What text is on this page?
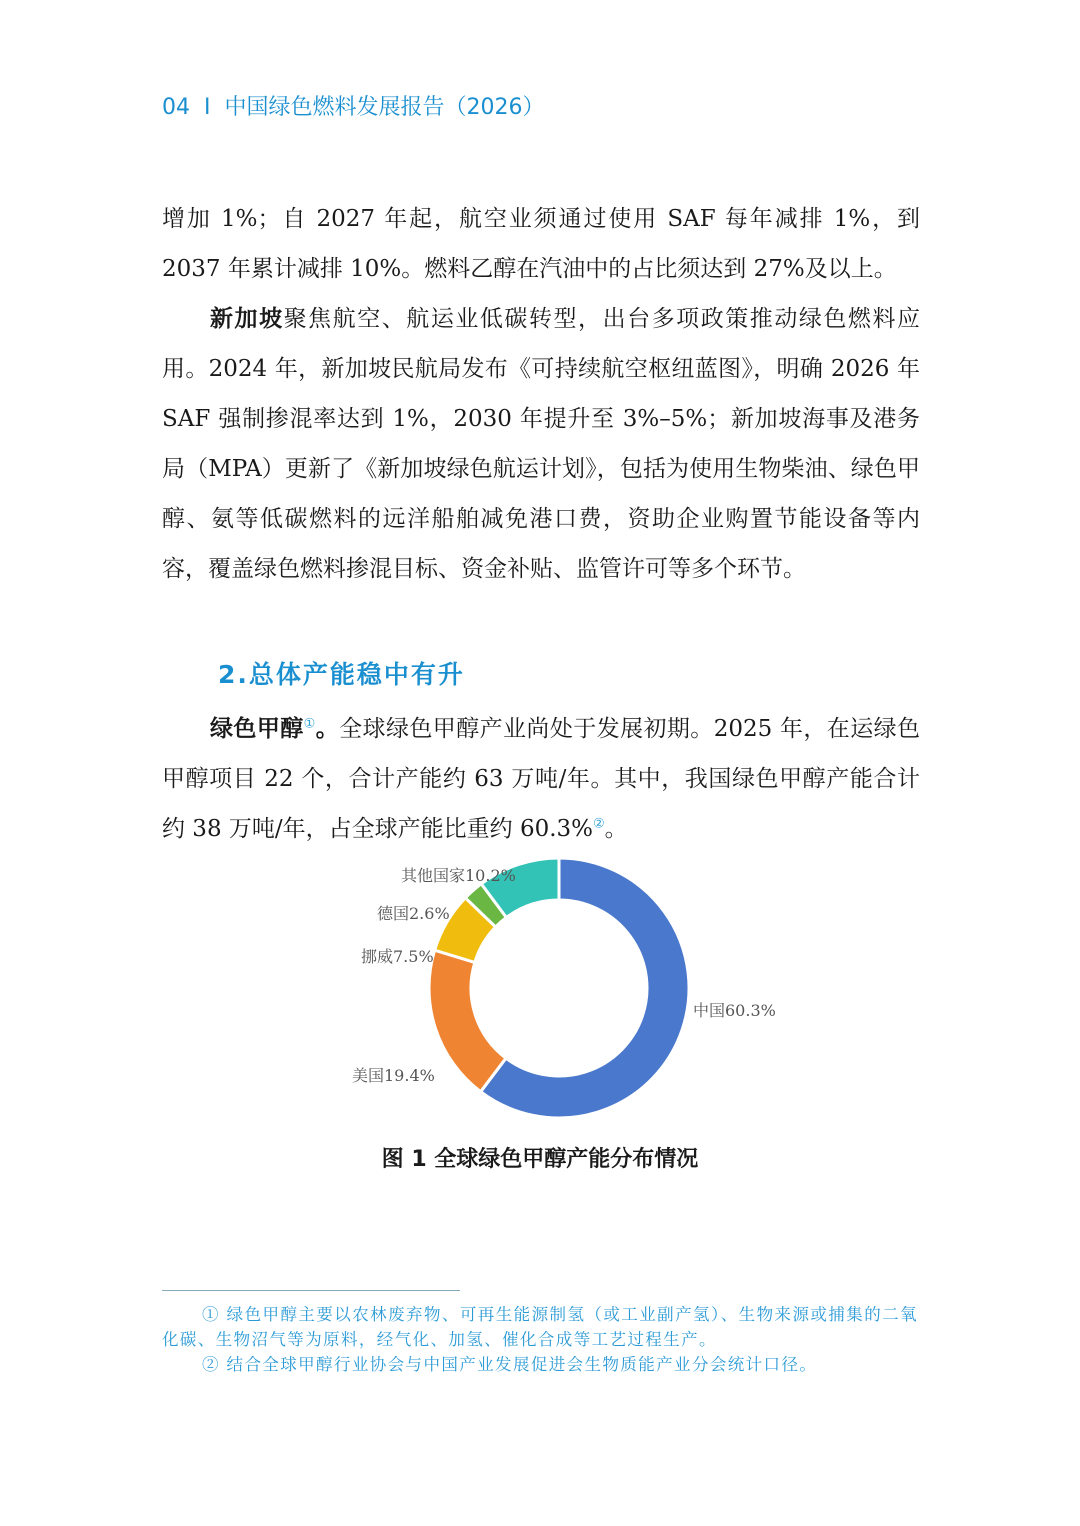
04 I 中国绿色燃料发展报告（2026）

增加 1%；自 2027 年起，航空业须通过使用 SAF 每年减排 1%，到 2037 年累计减排 10%。燃料乙醇在汽油中的占比须达到 27%及以上。

新加坡聚焦航空、航运业低碳转型，出台多项政策推动绿色燃料应用。2024 年，新加坡民航局发布《可持续航空枢纽蓝图》，明确 2026 年 SAF 强制掺混率达到 1%，2030 年提升至 3%–5%；新加坡海事及港务局（MPA）更新了《新加坡绿色航运计划》，包括为使用生物柴油、绿色甲醇、氨等低碳燃料的远洋船舶减免港口费，资助企业购置节能设备等内容，覆盖绿色燃料掺混目标、资金补贴、监管许可等多个环节。

2.总体产能稳中有升

绿色甲醇①。全球绿色甲醇产业尚处于发展初期。2025 年，在运绿色甲醇项目 22 个，合计产能约 63 万吨/年。其中，我国绿色甲醇产能合计约 38 万吨/年，占全球产能比重约 60.3%②。

中国60.3%
美国19.4%
挪威7.5%
德国2.6%
其他国家10.2%
图 1 全球绿色甲醇产能分布情况

① 绿色甲醇主要以农林废弃物、可再生能源制氢（或工业副产氢）、生物来源或捕集的二氧化碳、生物沼气等为原料，经气化、加氢、催化合成等工艺过程生产。

② 结合全球甲醇行业协会与中国产业发展促进会生物质能产业分会统计口径。
